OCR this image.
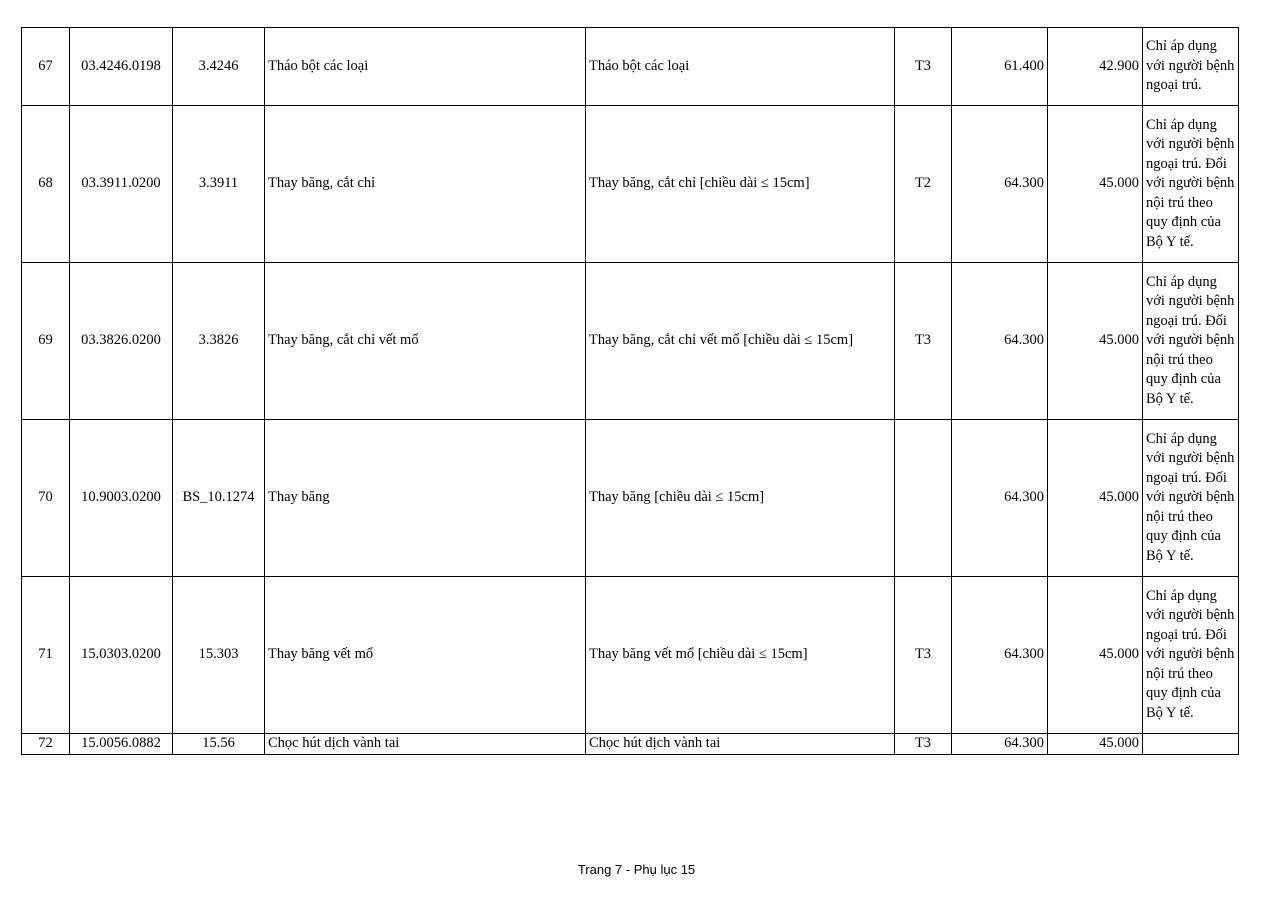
67	03.4246.0198	3.4246	Tháo bột các loại	Tháo bột các loại	T3	61.400	42.900	Chỉ áp dụng với người bệnh ngoại trú.
68	03.3911.0200	3.3911	Thay băng, cắt chỉ	Thay băng, cắt chỉ [chiều dài ≤ 15cm]	T2	64.300	45.000	Chỉ áp dụng với người bệnh ngoại trú. Đối với người bệnh nội trú theo quy định của Bộ Y tế.
69	03.3826.0200	3.3826	Thay băng, cắt chỉ vết mổ	Thay băng, cắt chỉ vết mổ [chiều dài ≤ 15cm]	T3	64.300	45.000	Chỉ áp dụng với người bệnh ngoại trú. Đối với người bệnh nội trú theo quy định của Bộ Y tế.
70	10.9003.0200	BS_10.1274	Thay băng	Thay băng [chiều dài ≤ 15cm]		64.300	45.000	Chỉ áp dụng với người bệnh ngoại trú. Đối với người bệnh nội trú theo quy định của Bộ Y tế.
71	15.0303.0200	15.303	Thay băng vết mổ	Thay băng vết mổ [chiều dài ≤ 15cm]	T3	64.300	45.000	Chỉ áp dụng với người bệnh ngoại trú. Đối với người bệnh nội trú theo quy định của Bộ Y tế.
72	15.0056.0882	15.56	Chọc hút dịch vành tai	Chọc hút dịch vành tai	T3	64.300	45.000	
Trang 7 - Phụ lục 15
